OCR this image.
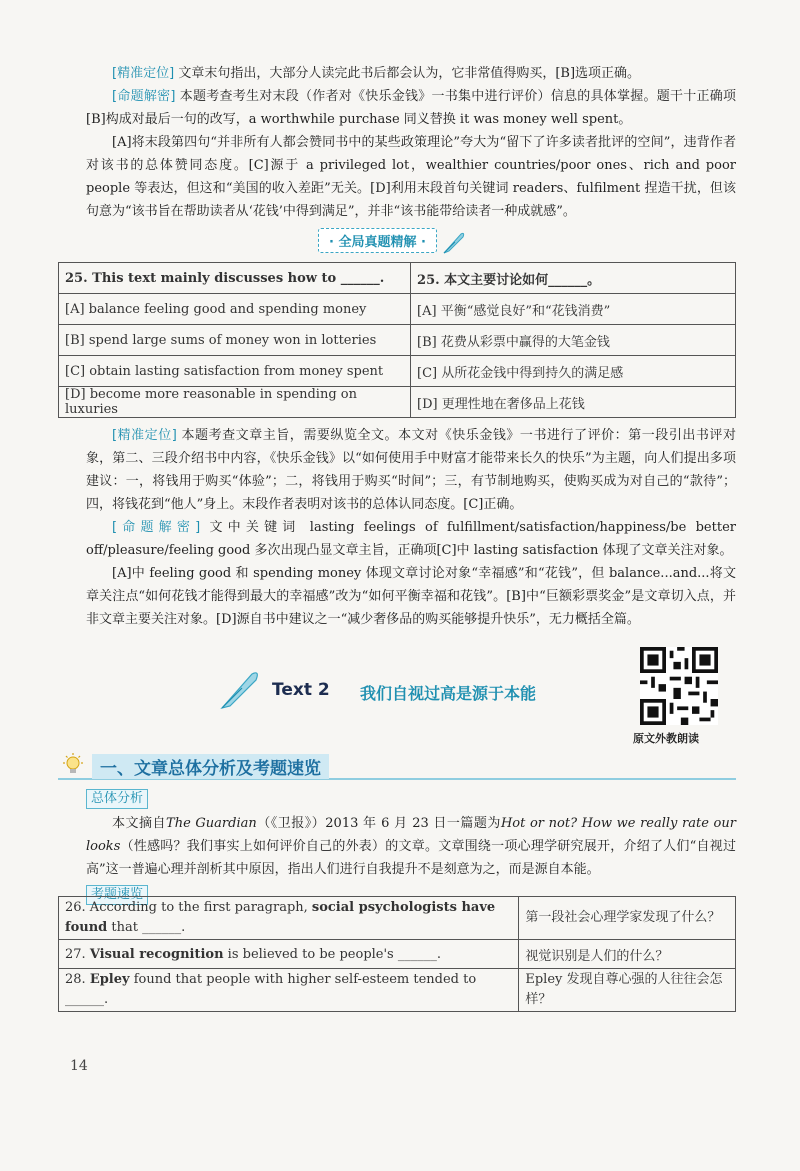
[精准定位] 文章末句指出，大部分人读完此书后都会认为，它非常值得购买，[B]选项正确。

[命题解密] 本题考查考生对末段（作者对《快乐金钱》一书集中进行评价）信息的具体掌握。题干十正确项[B]构成对最后一句的改写，a worthwhile purchase 同义替换 it was money well spent。

[A]将末段第四句“并非所有人都会赞同书中的某些政策理论”夸大为“留下了许多读者批评的空间”，违背作者对该书的总体赞同态度。[C]源于 a privileged lot，wealthier countries/poor ones、rich and poor people 等表达，但这和“美国的收入差距”无关。[D]利用末段首句关键词 readers、fulfilment 捏造干扰，但该句意为“该书旨在帮助读者从‘花钱’中得到满足”，并非“该书能带给读者一种成就感”。

· 全局真题精解 ·
25. This text mainly discusses how to ______.	25. 本文主要讨论如何______。
[A] balance feeling good and spending money	[A] 平衡“感觉良好”和“花钱消费”
[B] spend large sums of money won in lotteries	[B] 花费从彩票中赢得的大笔金钱
[C] obtain lasting satisfaction from money spent	[C] 从所花金钱中得到持久的满足感
[D] become more reasonable in spending on luxuries	[D] 更理性地在奢侈品上花钱

[精准定位] 本题考查文章主旨，需要纵览全文。本文对《快乐金钱》一书进行了评价：第一段引出书评对象，第二、三段介绍书中内容，《快乐金钱》以“如何使用手中财富才能带来长久的快乐”为主题，向人们提出多项建议：一，将钱用于购买“体验”；二，将钱用于购买“时间”；三，有节制地购买，使购买成为对自己的“款待”；四，将钱花到“他人”身上。末段作者表明对该书的总体认同态度。[C]正确。

[命题解密] 文中关键词 lasting feelings of fulfillment/satisfaction/happiness/be better off/pleasure/feeling good 多次出现凸显文章主旨，正确项[C]中 lasting satisfaction 体现了文章关注对象。

[A]中 feeling good 和 spending money 体现文章讨论对象“幸福感”和“花钱”，但 balance...and...将文章关注点“如何花钱才能得到最大的幸福感”改为“如何平衡幸福和花钱”。[B]中“巨额彩票奖金”是文章切入点，并非文章主要关注对象。[D]源自书中建议之一“减少奢侈品的购买能够提升快乐”，无力概括全篇。

Text 2 我们自视过高是源于本能
原文外教朗读
一、文章总体分析及考题速览

总体分析

本文摘自The Guardian（《卫报》）2013 年 6 月 23 日一篇题为Hot or not? How we really rate our looks（性感吗？我们事实上如何评价自己的外表）的文章。文章围绕一项心理学研究展开，介绍了人们“自视过高”这一普遍心理并剖析其中原因，指出人们进行自我提升不是刻意为之，而是源自本能。

考题速览

26. According to the first paragraph, social psychologists have found that ______.	第一段社会心理学家发现了什么？
27. Visual recognition is believed to be people's ______.	视觉识别是人们的什么？
28. Epley found that people with higher self-esteem tended to ______.	Epley 发现自尊心强的人往往会怎样？
14
